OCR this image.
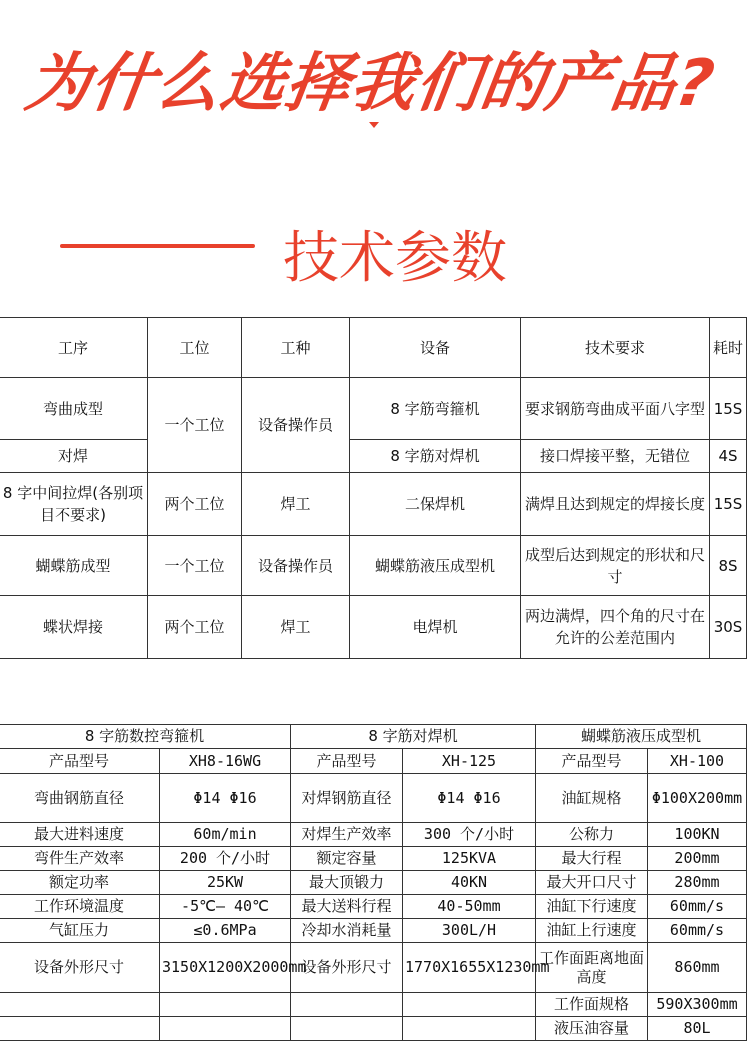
为什么选择我们的产品?
技术参数
工序	工位	工种	设备	技术要求	耗时
弯曲成型	一个工位	设备操作员	8 字筋弯箍机	要求钢筋弯曲成平面八字型	15S
对焊			8 字筋对焊机	接口焊接平整，无错位	4S
8 字中间拉焊(各别项目不要求)	两个工位	焊工	二保焊机	满焊且达到规定的焊接长度	15S
蝴蝶筋成型	一个工位	设备操作员	蝴蝶筋液压成型机	成型后达到规定的形状和尺寸	8S
蝶状焊接	两个工位	焊工	电焊机	两边满焊，四个角的尺寸在允许的公差范围内	30S
8 字筋数控弯箍机		8 字筋对焊机		蝴蝶筋液压成型机	
产品型号	XH8-16WG	产品型号	XH-125	产品型号	XH-100
弯曲钢筋直径	Φ14 Φ16	对焊钢筋直径	Φ14 Φ16	油缸规格	Φ100X200mm
最大进料速度	60m/min	对焊生产效率	300 个/小时	公称力	100KN
弯件生产效率	200 个/小时	额定容量	125KVA	最大行程	200mm
额定功率	25KW	最大顶锻力	40KN	最大开口尺寸	280mm
工作环境温度	-5℃— 40℃	最大送料行程	40-50mm	油缸下行速度	60mm/s
气缸压力	≤0.6MPa	冷却水消耗量	300L/H	油缸上行速度	60mm/s
设备外形尺寸	3150X1200X2000mm	设备外形尺寸	1770X1655X1230mm	工作面距离地面高度	860mm
				工作面规格	590X300mm
				液压油容量	80L
